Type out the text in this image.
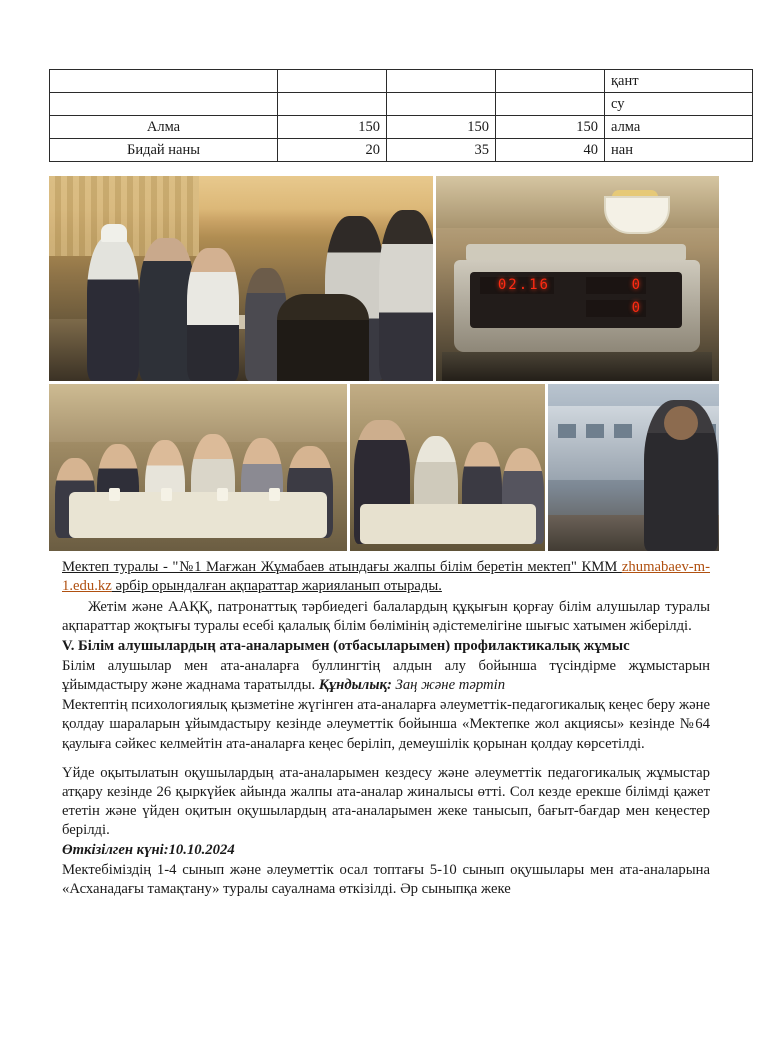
				қант
				су
Алма	150	150	150	алма
Бидай наны	20	35	40	нан
02.16	0
0

Мектеп туралы - "№1 Мағжан Жұмабаев атындағы жалпы білім беретін мектеп" КММ zhumabaev-m-1.edu.kz әрбір орындалған ақпараттар жарияланып отырады.

Жетім және ААҚҚ, патронаттық тәрбиедегі балалардың құқығын қорғау білім алушылар туралы ақпараттар жоқтығы туралы есебі қалалық білім бөлімінің әдістемелігіне шығыс хатымен жіберілді.

V. Білім алушылардың ата-аналарымен (отбасыларымен) профилактикалық жұмыс

Білім алушылар мен ата-аналарға буллингтің алдын алу бойынша түсіндірме жұмыстарын ұйымдастыру және жаднама таратылды. Құндылық: Заң және тәртіп

Мектептің психологиялық қызметіне жүгінген ата-аналарға әлеуметтік-педагогикалық кеңес беру және қолдау шараларын ұйымдастыру кезінде әлеуметтік бойынша «Мектепке жол акциясы» кезінде №64 қаулыға сәйкес келмейтін ата-аналарға кеңес беріліп, демеушілік қорынан қолдау көрсетілді.

Үйде оқытылатын оқушылардың ата-аналарымен кездесу және әлеуметтік педагогикалық жұмыстар атқару кезінде 26 қыркүйек айында жалпы ата-аналар жиналысы өтті. Сол кезде ерекше білімді қажет ететін және үйден оқитын оқушылардың ата-аналарымен жеке танысып, бағыт-бағдар мен кеңестер берілді.

Өткізілген күні:10.10.2024

Мектебіміздің 1-4 сынып және әлеуметтік осал топтағы 5-10 сынып оқушылары мен ата-аналарына «Асханадағы тамақтану» туралы сауалнама өткізілді. Әр сыныпқа жеке
